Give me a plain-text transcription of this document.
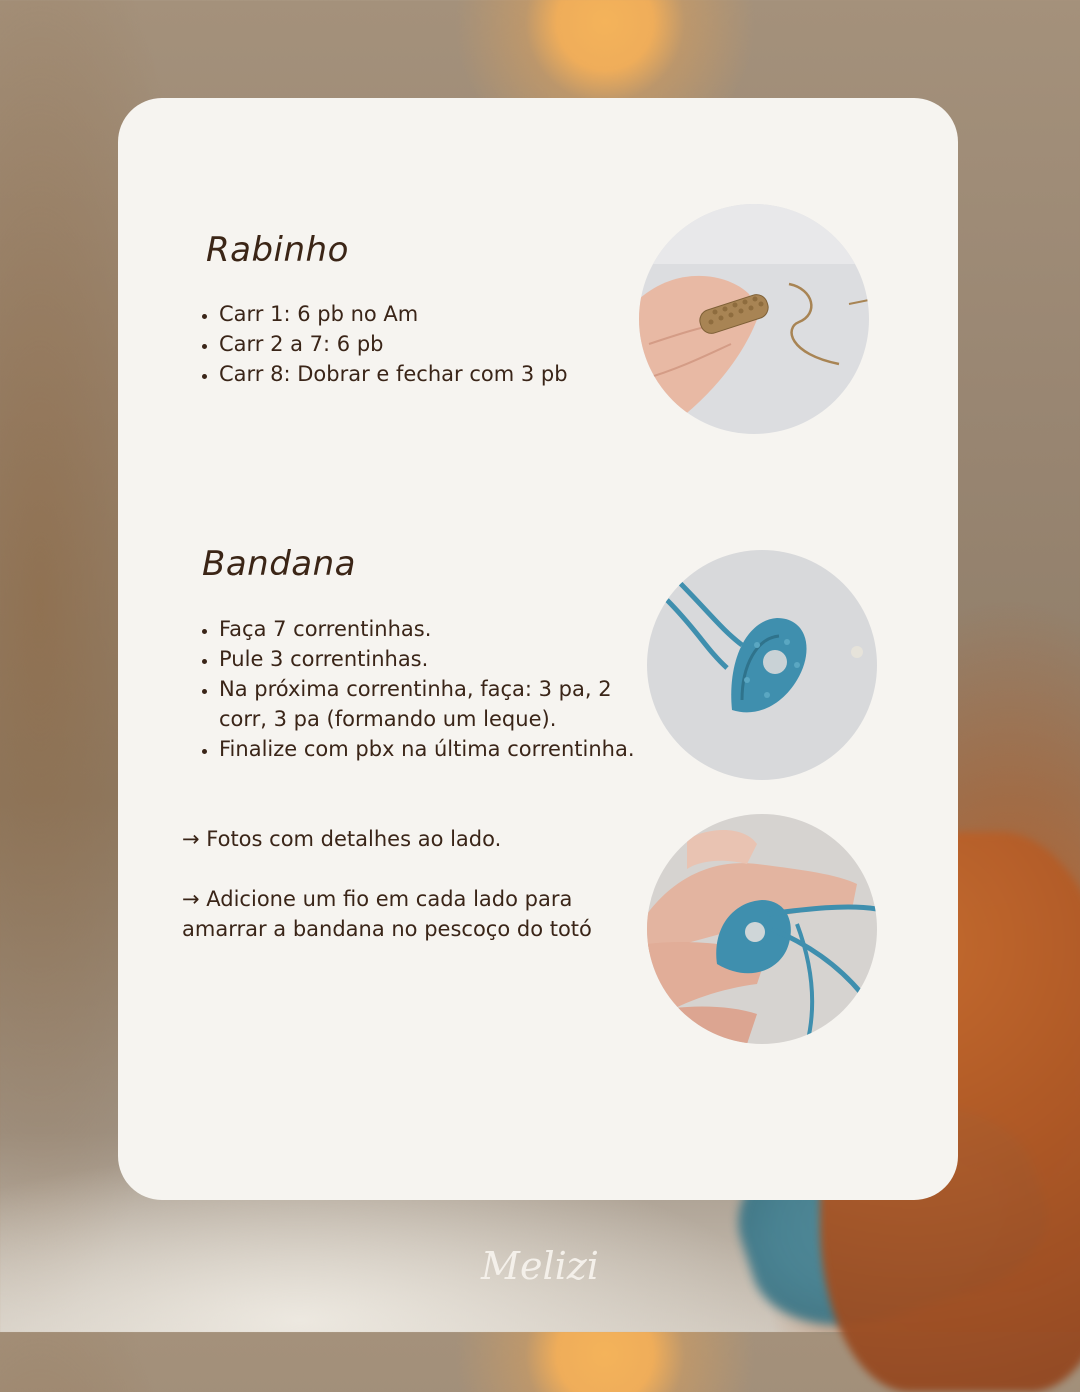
Rabinho
• Carr 1: 6 pb no Am
• Carr 2 a 7: 6 pb
• Carr 8: Dobrar e fechar com 3 pb
Bandana
• Faça 7 correntinhas.
• Pule 3 correntinhas.
• Na próxima correntinha, faça: 3 pa, 2 corr, 3 pa (formando um leque).
• Finalize com pbx na última correntinha.

→ Fotos com detalhes ao lado.

→ Adicione um fio em cada lado para amarrar a bandana no pescoço do totó

Melizi
